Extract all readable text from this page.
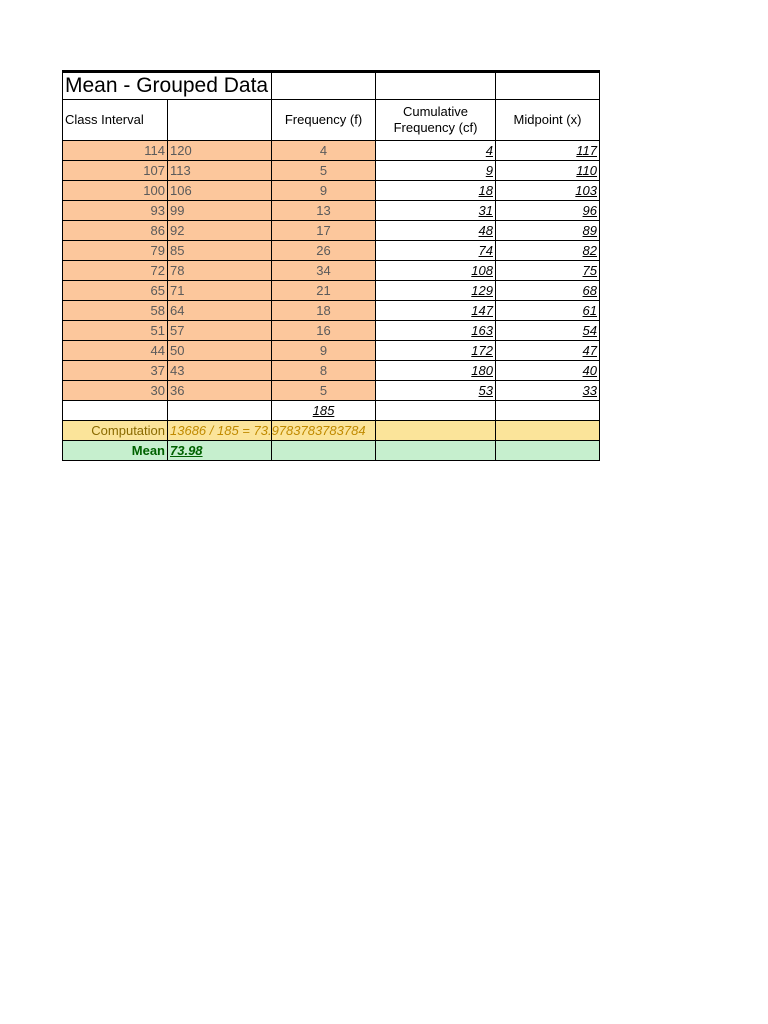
Mean - Grouped Data				

Class Interval		Frequency (f)	Cumulative Frequency (cf)	Midpoint (x)
114	120	4	4	117
107	113	5	9	110
100	106	9	18	103
93	99	13	31	96
86	92	17	48	89
79	85	26	74	82
72	78	34	108	75
65	71	21	129	68
58	64	18	147	61
51	57	16	163	54
44	50	9	172	47
37	43	8	180	40
30	36	5	53	33
		185		
Computation	13686 / 185 = 73.9783783783784			

Mean	73.98			
